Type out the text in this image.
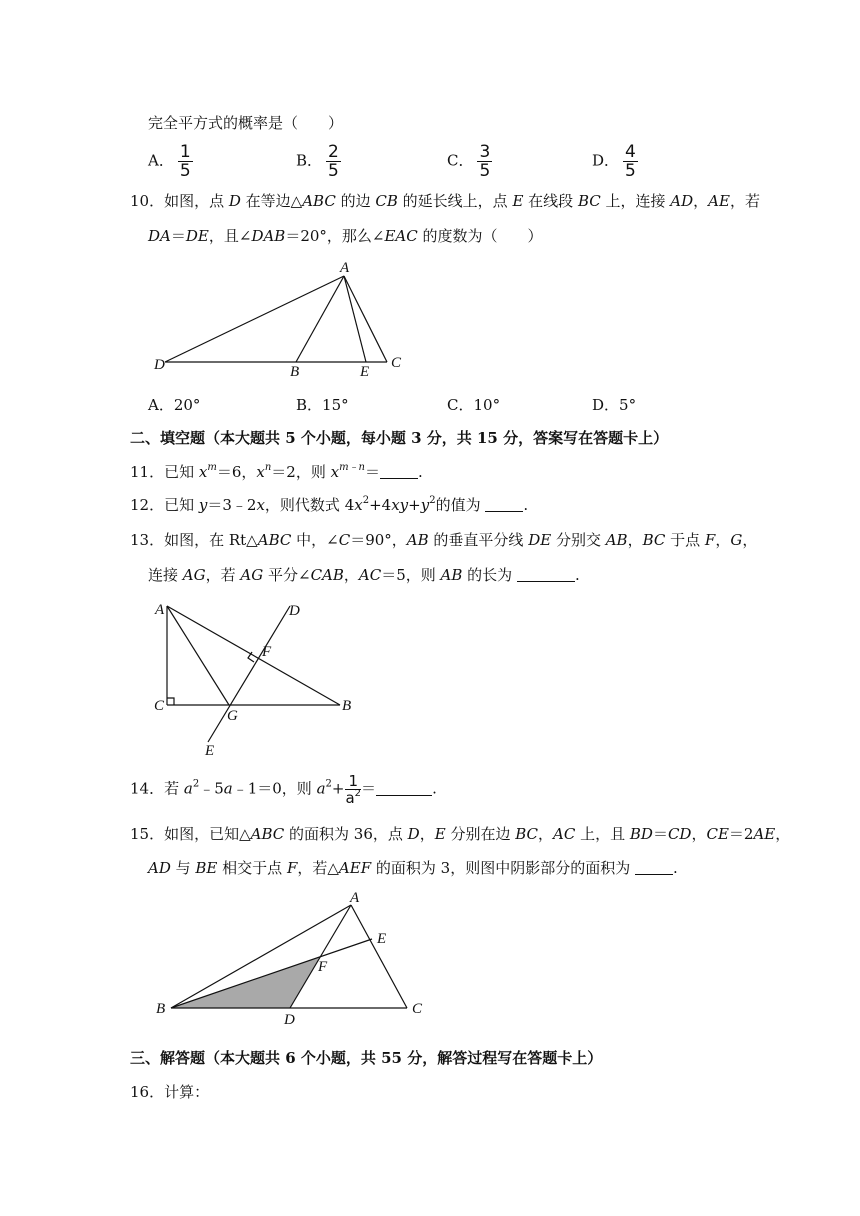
完全平方式的概率是（　　）
A． $\frac{1}{5}$	B． $\frac{2}{5}$	C． $\frac{3}{5}$	D． $\frac{4}{5}$
10．如图，点 D 在等边△ABC 的边 CB 的延长线上，点 E 在线段 BC 上，连接 AD，AE，若
DA＝DE，且∠DAB＝20°，那么∠EAC 的度数为（　　）
A
D	B	E
C
A．20°	B．15°	C．10°	D．5°
二、填空题（本大题共 5 个小题，每小题 3 分，共 15 分，答案写在答题卡上）
11．已知 $x^m=6$，$x^n=2$，则 $x^{m﹣n}=$	.
12．已知 y＝3﹣2x，则代数式 $4x^2+4xy+y^2$的值为	.
13．如图，在 Rt△ABC 中，∠C＝90°，AB 的垂直平分线 DE 分别交 AB，BC 于点 F，G，
连接 AG，若 AG 平分∠CAB，AC＝5，则 AB 的长为	.
A	D
F
C
G
B
E
14．若 $a^2﹣5a﹣1=0$，则 $a^2+ \frac{1}{a^2}$ ＝	.
15．如图，已知△ABC 的面积为 36，点 D，E 分别在边 BC，AC 上，且 BD＝CD，CE＝2AE，
AD 与 BE 相交于点 F，若△AEF 的面积为 3，则图中阴影部分的面积为	.
A
E
F
B
D
C
三、解答题（本大题共 6 个小题，共 55 分，解答过程写在答题卡上）
16．计算：
